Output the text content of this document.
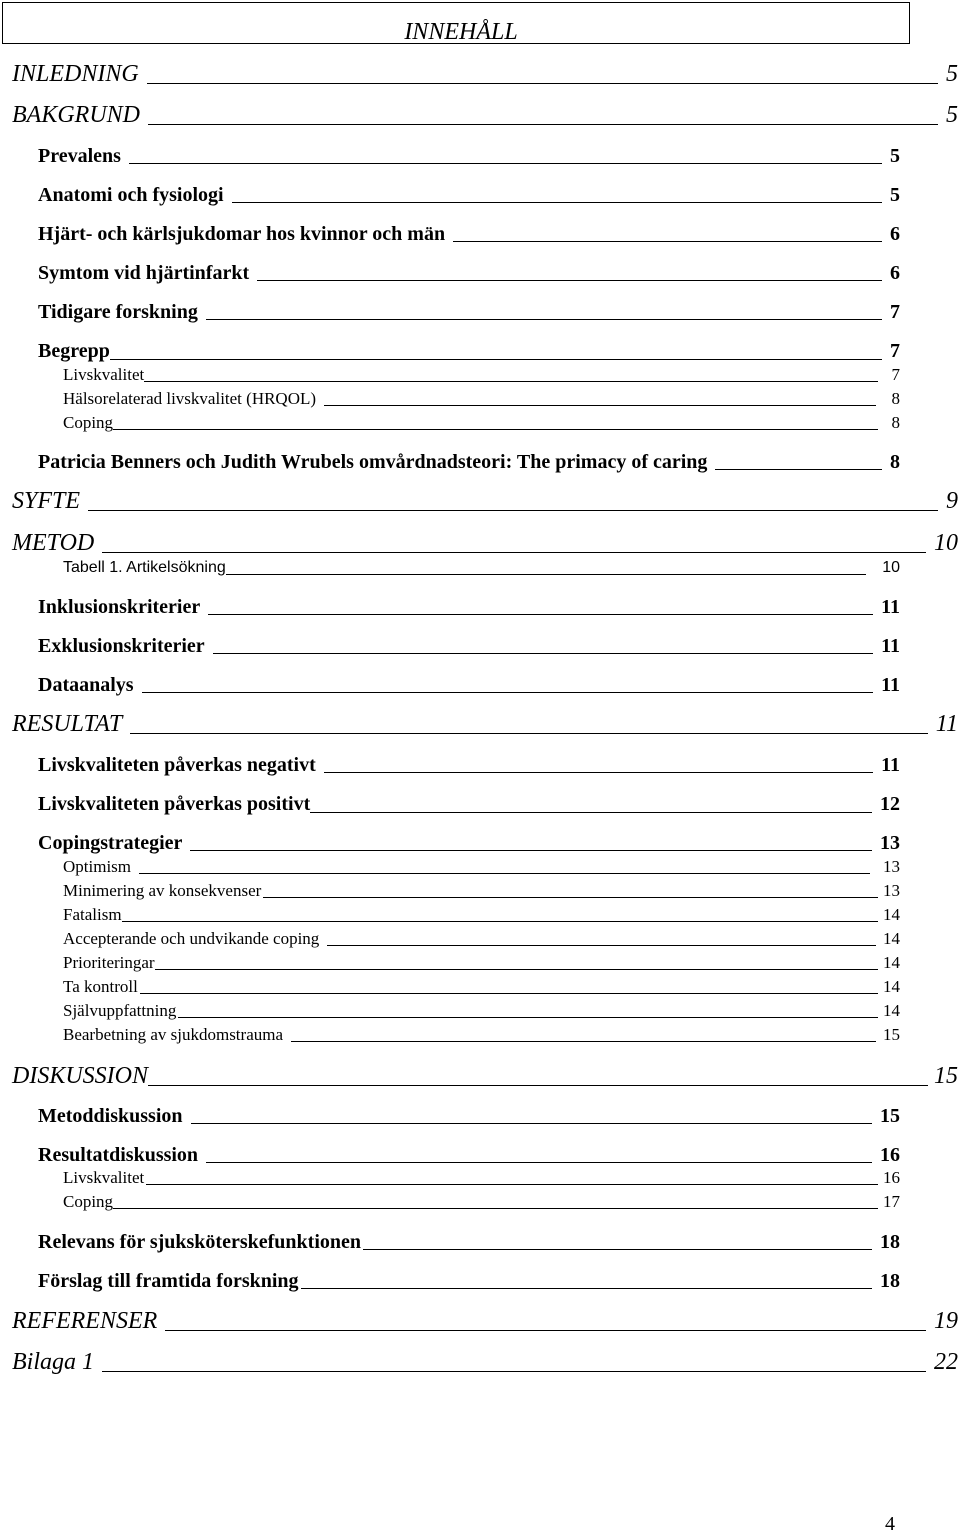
INNEHÅLL
INLEDNING	5
BAKGRUND	5
Prevalens	5
Anatomi och fysiologi	5
Hjärt- och kärlsjukdomar hos kvinnor och män	6
Symtom vid hjärtinfarkt	6
Tidigare forskning	7
Begrepp	7
Livskvalitet	7
Hälsorelaterad livskvalitet (HRQOL)	8
Coping	8
Patricia Benners och Judith Wrubels omvårdnadsteori: The primacy of caring	8
SYFTE	9
METOD	10
Tabell 1. Artikelsökning	10
Inklusionskriterier	11
Exklusionskriterier	11
Dataanalys	11
RESULTAT	11
Livskvaliteten påverkas negativt	11
Livskvaliteten påverkas positivt	12
Copingstrategier	13
Optimism	13
Minimering av konsekvenser	13
Fatalism	14
Accepterande och undvikande coping	14
Prioriteringar	14
Ta kontroll	14
Självuppfattning	14
Bearbetning av sjukdomstrauma	15
DISKUSSION	15
Metoddiskussion	15
Resultatdiskussion	16
Livskvalitet	16
Coping	17
Relevans för sjuksköterskefunktionen	18
Förslag till framtida forskning	18
REFERENSER	19
Bilaga 1	22
4
